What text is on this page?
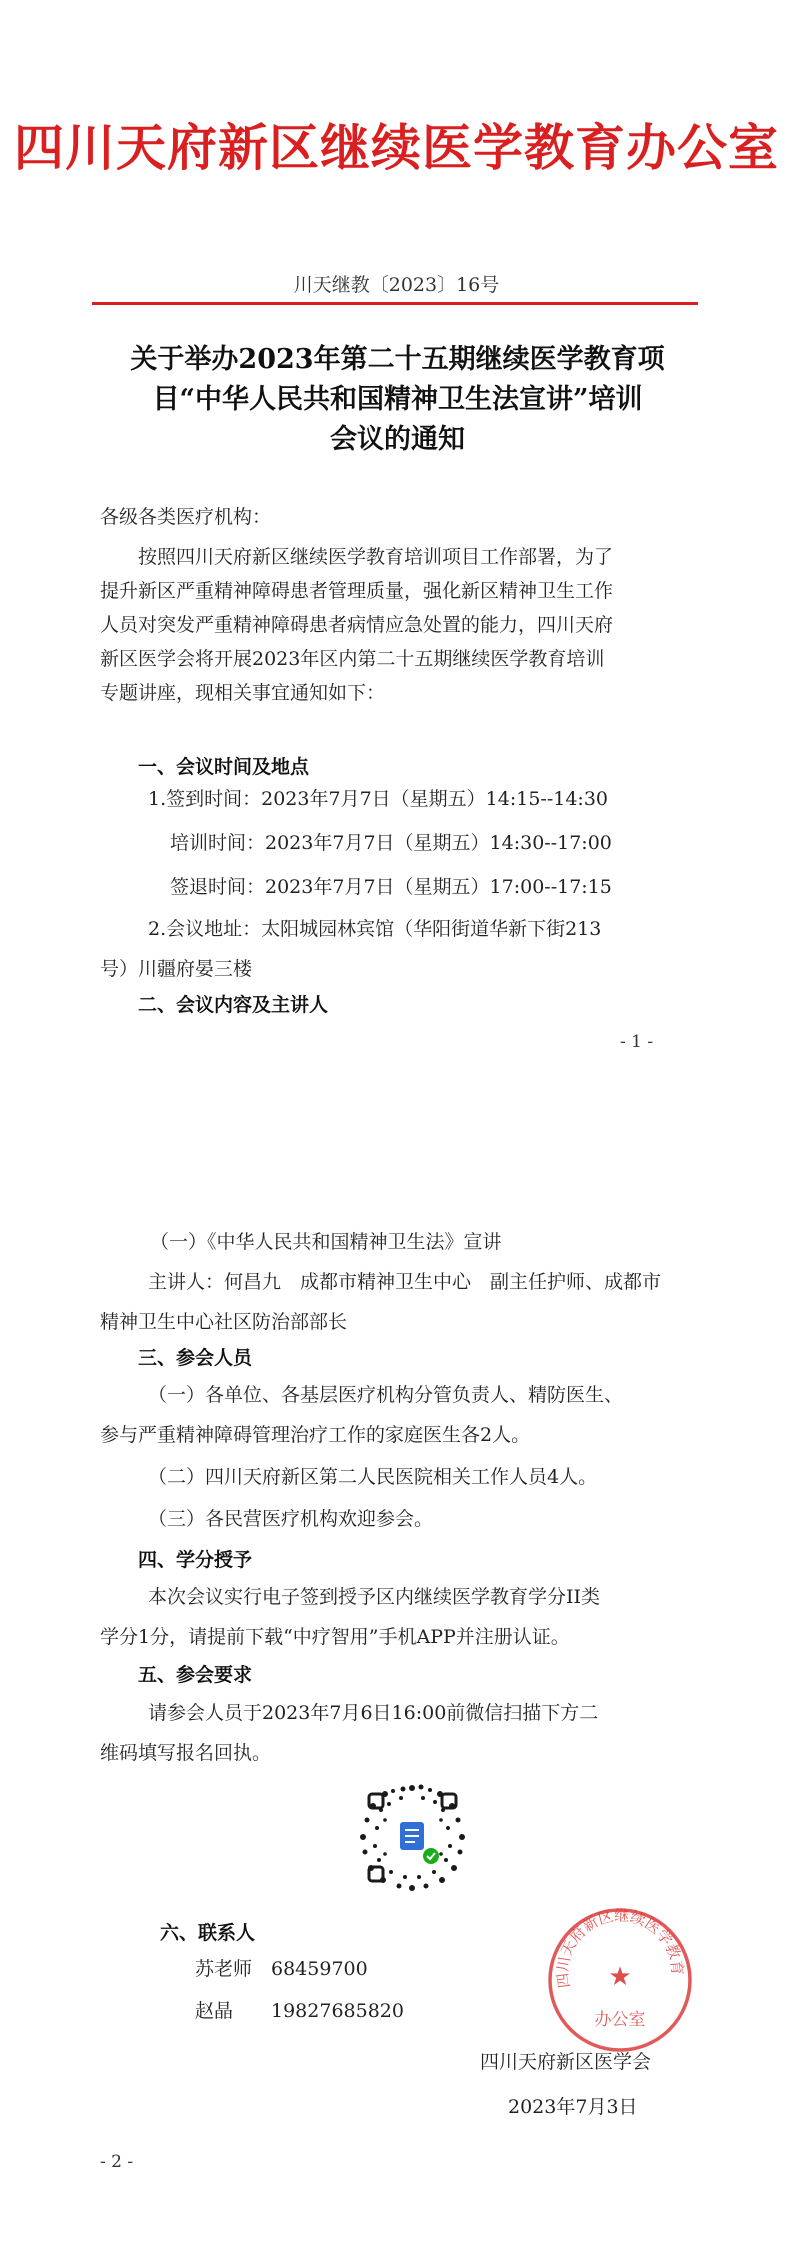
四川天府新区继续医学教育办公室
川天继教〔2023〕16号
关于举办2023年第二十五期继续医学教育项
目“中华人民共和国精神卫生法宣讲”培训
会议的通知
各级各类医疗机构：
按照四川天府新区继续医学教育培训项目工作部署，为了
提升新区严重精神障碍患者管理质量，强化新区精神卫生工作
人员对突发严重精神障碍患者病情应急处置的能力，四川天府
新区医学会将开展2023年区内第二十五期继续医学教育培训
专题讲座，现相关事宜通知如下：
一、会议时间及地点
1.签到时间：2023年7月7日（星期五）14:15--14:30
培训时间：2023年7月7日（星期五）14:30--17:00
签退时间：2023年7月7日（星期五）17:00--17:15
2.会议地址：太阳城园林宾馆（华阳街道华新下街213
号）川疆府晏三楼
二、会议内容及主讲人
- 1 -
（一）《中华人民共和国精神卫生法》宣讲
主讲人：何昌九　成都市精神卫生中心　副主任护师、成都市
精神卫生中心社区防治部部长
三、参会人员
（一）各单位、各基层医疗机构分管负责人、精防医生、
参与严重精神障碍管理治疗工作的家庭医生各2人。
（二）四川天府新区第二人民医院相关工作人员4人。
（三）各民营医疗机构欢迎参会。
四、学分授予
本次会议实行电子签到授予区内继续医学教育学分II类
学分1分，请提前下载“中疗智用”手机APP并注册认证。
五、参会要求
请参会人员于2023年7月6日16:00前微信扫描下方二
维码填写报名回执。
六、联系人
苏老师　68459700
赵晶　　19827685820
四川天府新区继续医学教育
★
办公室
四川天府新区医学会
2023年7月3日
- 2 -
